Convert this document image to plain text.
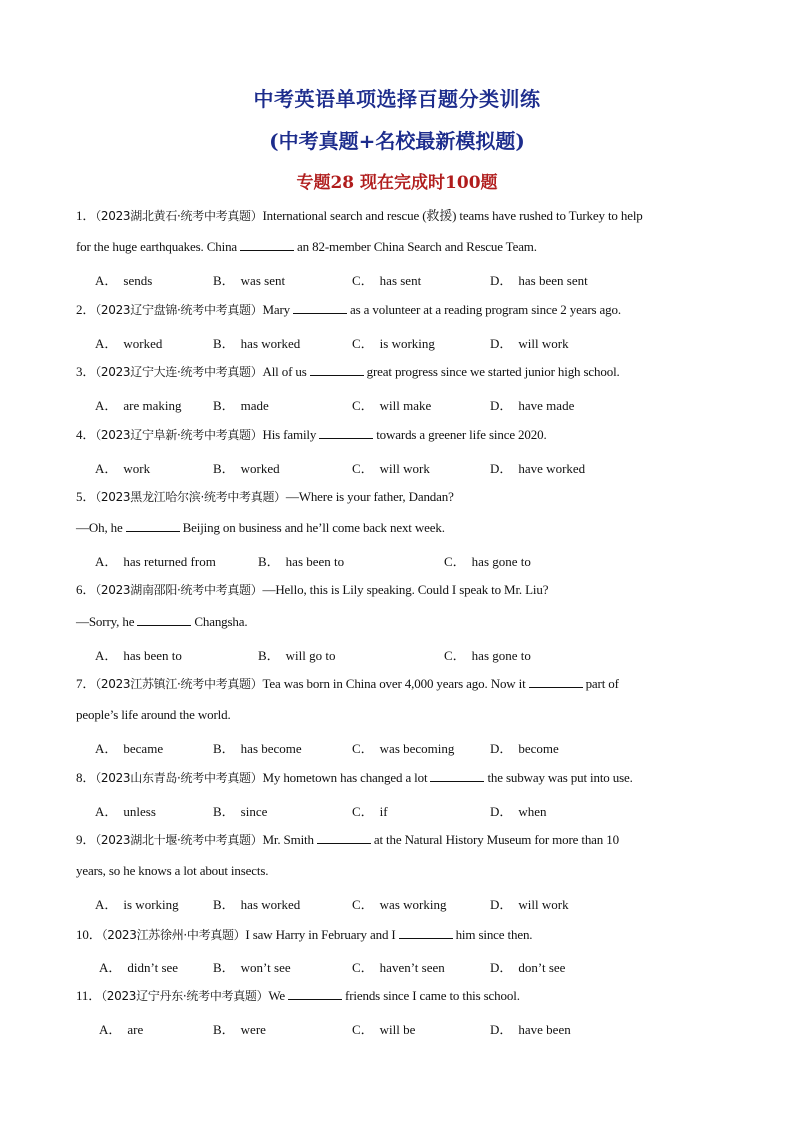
中考英语单项选择百题分类训练
(中考真题+名校最新模拟题)
专题28 现在完成时100题
1．（2023湖北黄石·统考中考真题）International search and rescue (救援) teams have rushed to Turkey to help
for the huge earthquakes. China	an 82-member China Search and Rescue Team.
A． sends	B． was sent	C． has sent	D． has been sent
2．（2023辽宁盘锦·统考中考真题）Mary	as a volunteer at a reading program since 2 years ago.
A． worked	B． has worked	C． is working	D． will work
3．（2023辽宁大连·统考中考真题）All of us	great progress since we started junior high school.
A． are making B． made	C． will make	D． have made
4．（2023辽宁阜新·统考中考真题）His family	towards a greener life since 2020.
A． work	B． worked	C． will work	D． have worked
5．（2023黑龙江哈尔滨·统考中考真题）—Where is your father, Dandan?
—Oh, he	Beijing on business and he’ll come back next week.
A． has returned from	B． has been to	C． has gone to
6．（2023湖南邵阳·统考中考真题）—Hello, this is Lily speaking. Could I speak to Mr. Liu?
—Sorry, he	Changsha.
A． has been to	B． will go to	C． has gone to
7．（2023江苏镇江·统考中考真题）Tea was born in China over 4,000 years ago. Now it	part of
people’s life around the world.
A． became	B． has become	C． was becoming	D． become
8．（2023山东青岛·统考中考真题）My hometown has changed a lot	the subway was put into use.
A． unless	B． since	C． if	D． when
9．（2023湖北十堰·统考中考真题）Mr. Smith	at the Natural History Museum for more than 10
years, so he knows a lot about insects.
A． is working	B． has worked	C． was working	D． will work
10．（2023江苏徐州·中考真题）I saw Harry in February and I	him since then.
A． didn’t see	B． won’t see	C． haven’t seen	D． don’t see
11．（2023辽宁丹东·统考中考真题）We	friends since I came to this school.
A． are	B． were	C． will be	D． have been
